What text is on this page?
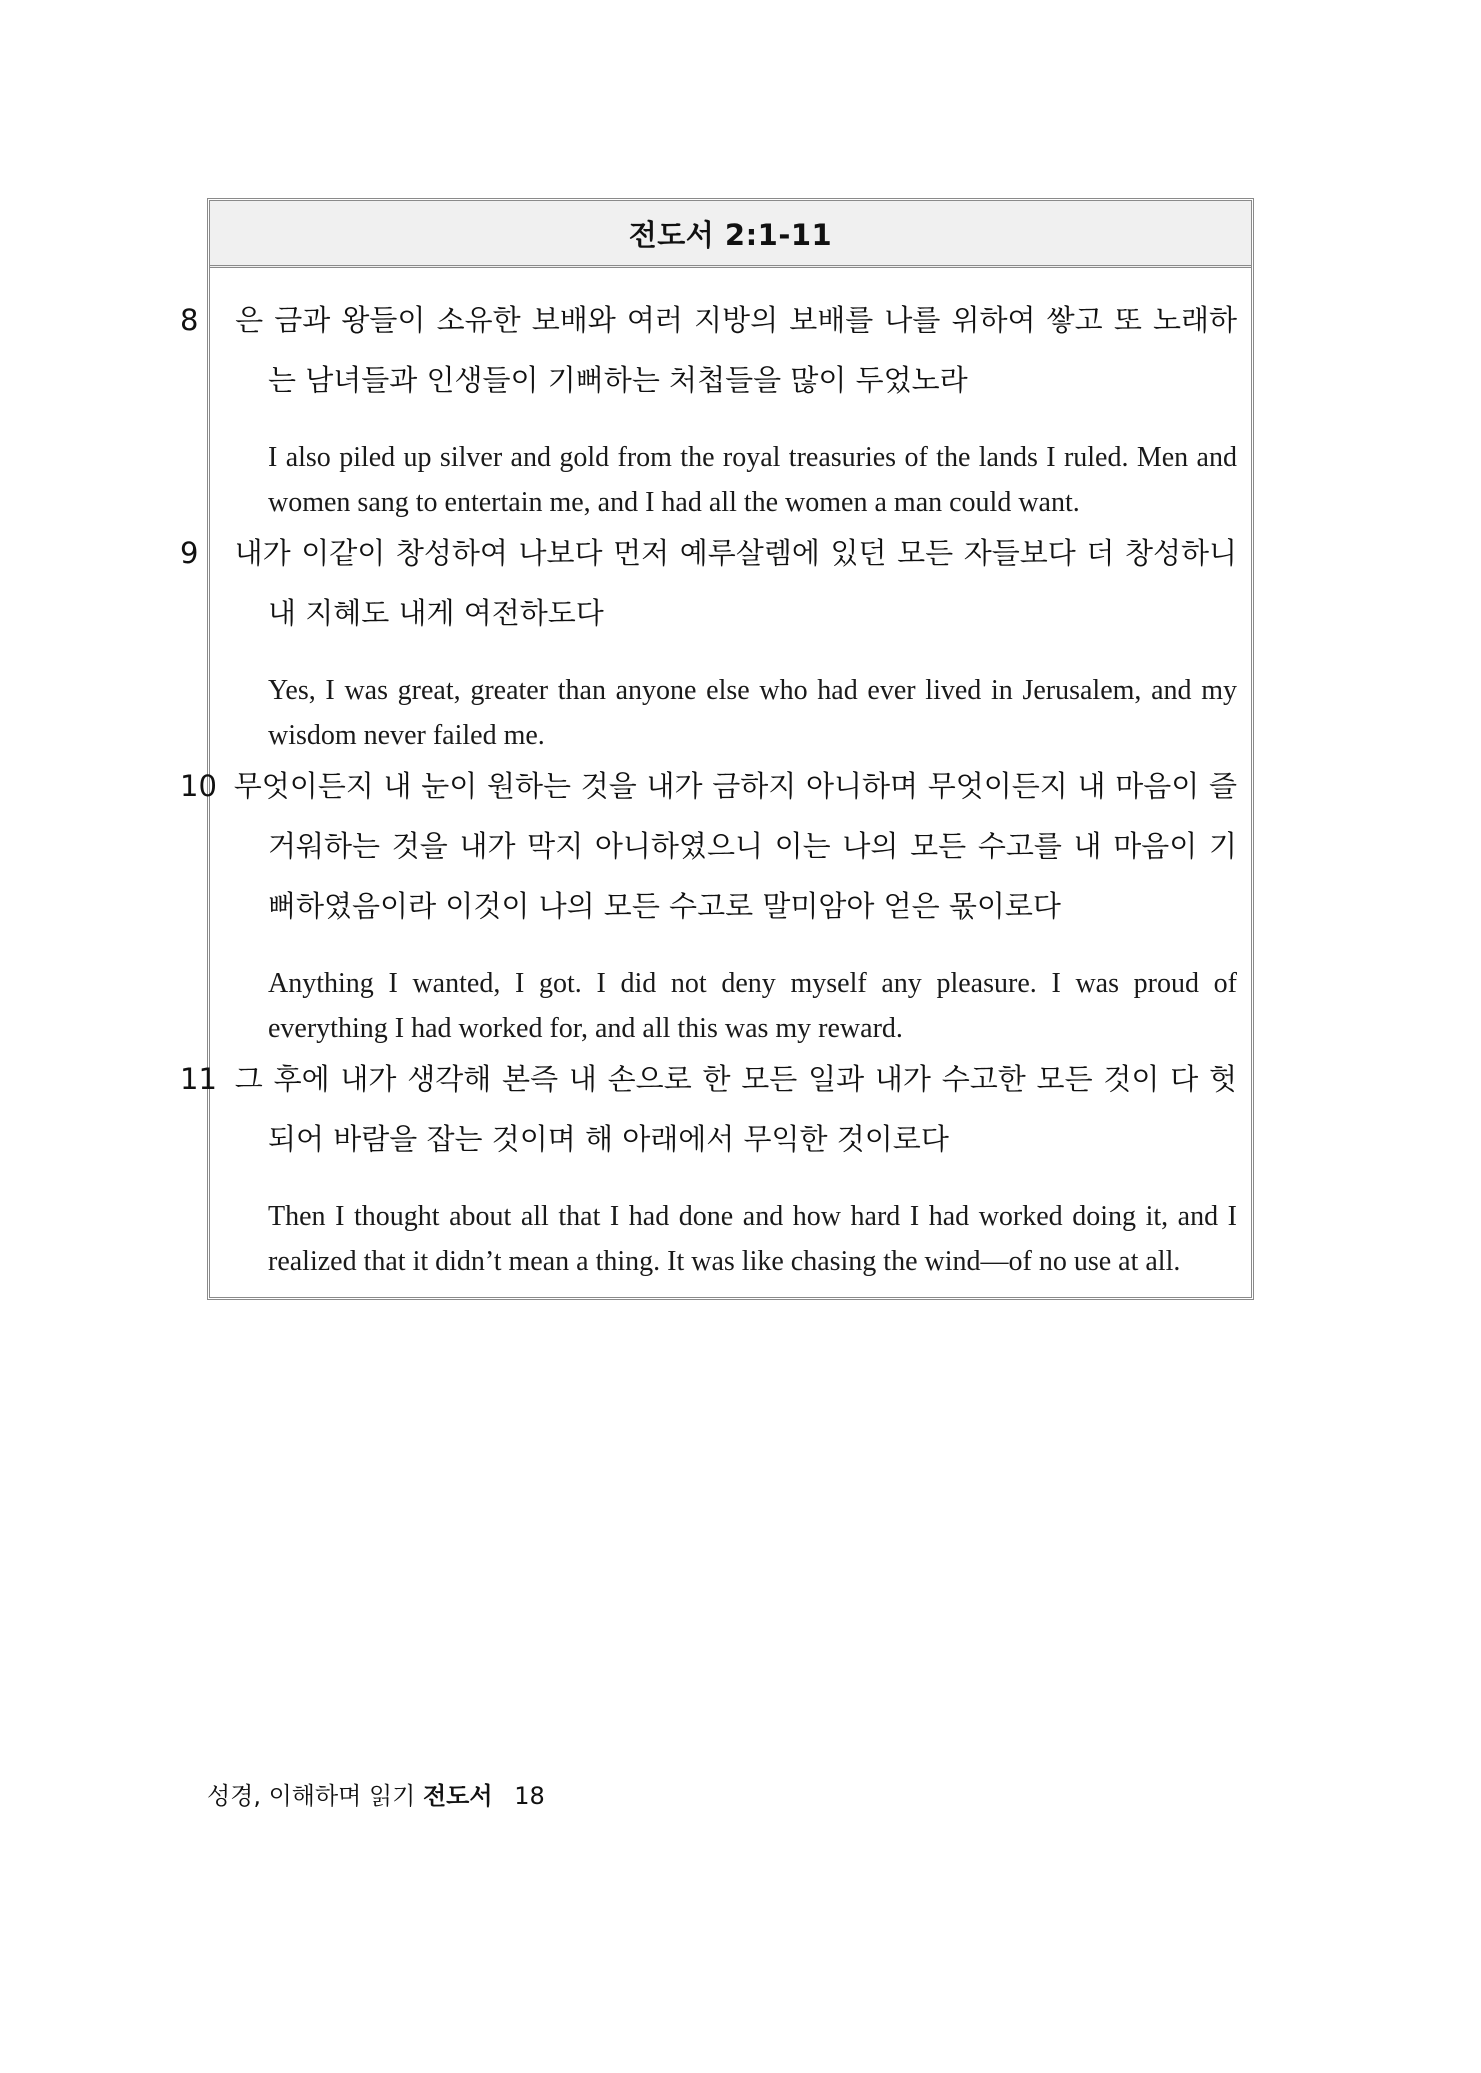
전도서 2:1-11

8 은 금과 왕들이 소유한 보배와 여러 지방의 보배를 나를 위하여 쌓고 또 노래하는 남녀들과 인생들이 기뻐하는 처첩들을 많이 두었노라

I also piled up silver and gold from the royal treasuries of the lands I ruled. Men and women sang to entertain me, and I had all the women a man could want.

9 내가 이같이 창성하여 나보다 먼저 예루살렘에 있던 모든 자들보다 더 창성하니 내 지혜도 내게 여전하도다

Yes, I was great, greater than anyone else who had ever lived in Jerusalem, and my wisdom never failed me.

10 무엇이든지 내 눈이 원하는 것을 내가 금하지 아니하며 무엇이든지 내 마음이 즐거워하는 것을 내가 막지 아니하였으니 이는 나의 모든 수고를 내 마음이 기뻐하였음이라 이것이 나의 모든 수고로 말미암아 얻은 몫이로다

Anything I wanted, I got. I did not deny myself any pleasure. I was proud of everything I had worked for, and all this was my reward.

11 그 후에 내가 생각해 본즉 내 손으로 한 모든 일과 내가 수고한 모든 것이 다 헛되어 바람을 잡는 것이며 해 아래에서 무익한 것이로다

Then I thought about all that I had done and how hard I had worked doing it, and I realized that it didn’t mean a thing. It was like chasing the wind—of no use at all.

성경, 이해하며 읽기 전도서 18
